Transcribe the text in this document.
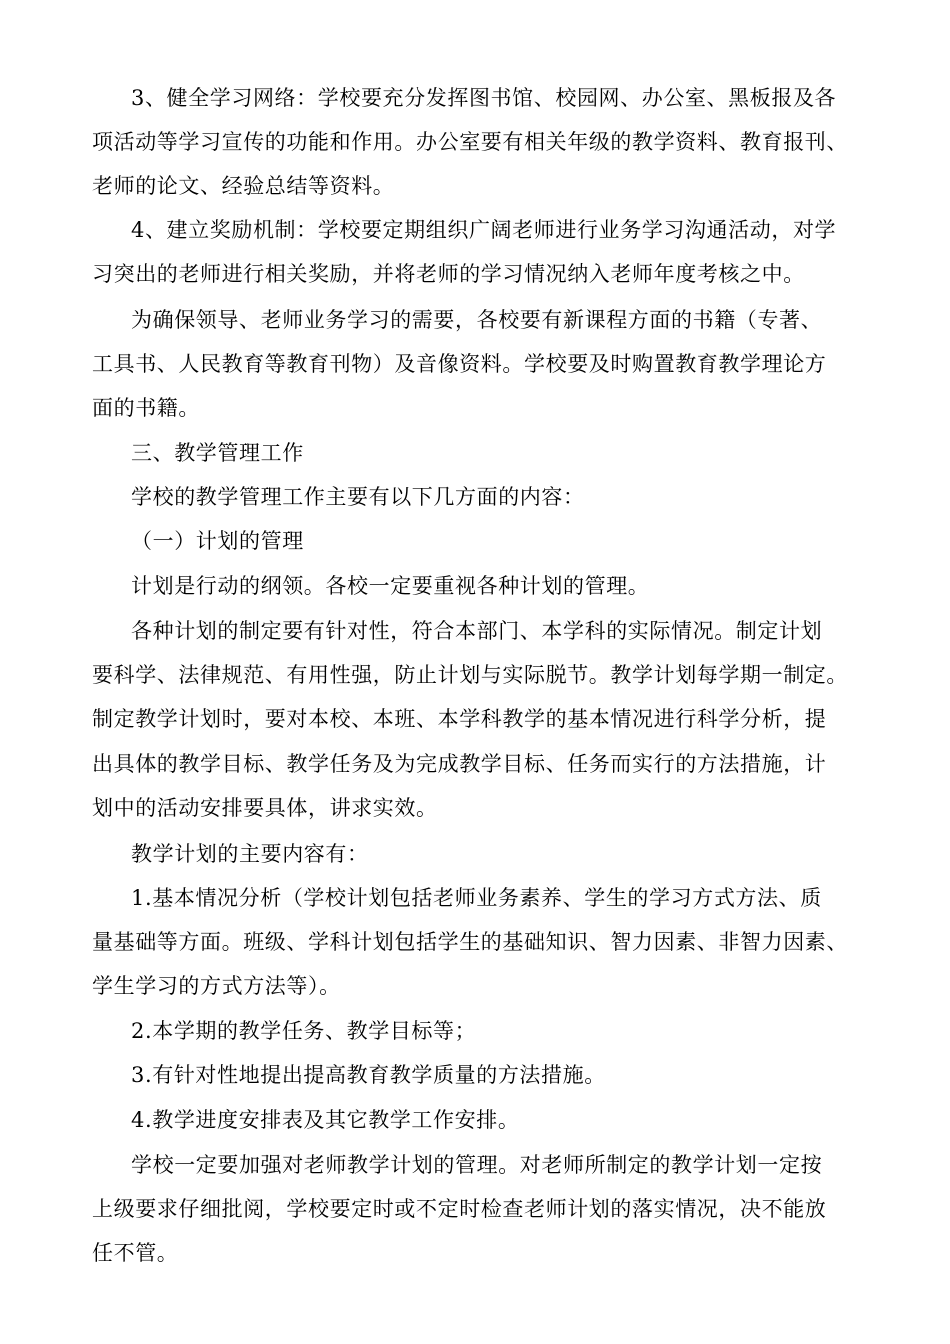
3、健全学习网络：学校要充分发挥图书馆、校园网、办公室、黑板报及各
项活动等学习宣传的功能和作用。办公室要有相关年级的教学资料、教育报刊、
老师的论文、经验总结等资料。
4、建立奖励机制：学校要定期组织广阔老师进行业务学习沟通活动，对学
习突出的老师进行相关奖励，并将老师的学习情况纳入老师年度考核之中。
为确保领导、老师业务学习的需要，各校要有新课程方面的书籍（专著、
工具书、人民教育等教育刊物）及音像资料。学校要及时购置教育教学理论方
面的书籍。
三、教学管理工作
学校的教学管理工作主要有以下几方面的内容：
（一）计划的管理
计划是行动的纲领。各校一定要重视各种计划的管理。
各种计划的制定要有针对性，符合本部门、本学科的实际情况。制定计划
要科学、法律规范、有用性强，防止计划与实际脱节。教学计划每学期一制定。
制定教学计划时，要对本校、本班、本学科教学的基本情况进行科学分析，提
出具体的教学目标、教学任务及为完成教学目标、任务而实行的方法措施，计
划中的活动安排要具体，讲求实效。
教学计划的主要内容有：
1.基本情况分析（学校计划包括老师业务素养、学生的学习方式方法、质
量基础等方面。班级、学科计划包括学生的基础知识、智力因素、非智力因素、
学生学习的方式方法等）。
2.本学期的教学任务、教学目标等；
3.有针对性地提出提高教育教学质量的方法措施。
4.教学进度安排表及其它教学工作安排。
学校一定要加强对老师教学计划的管理。对老师所制定的教学计划一定按
上级要求仔细批阅，学校要定时或不定时检查老师计划的落实情况，决不能放
任不管。
